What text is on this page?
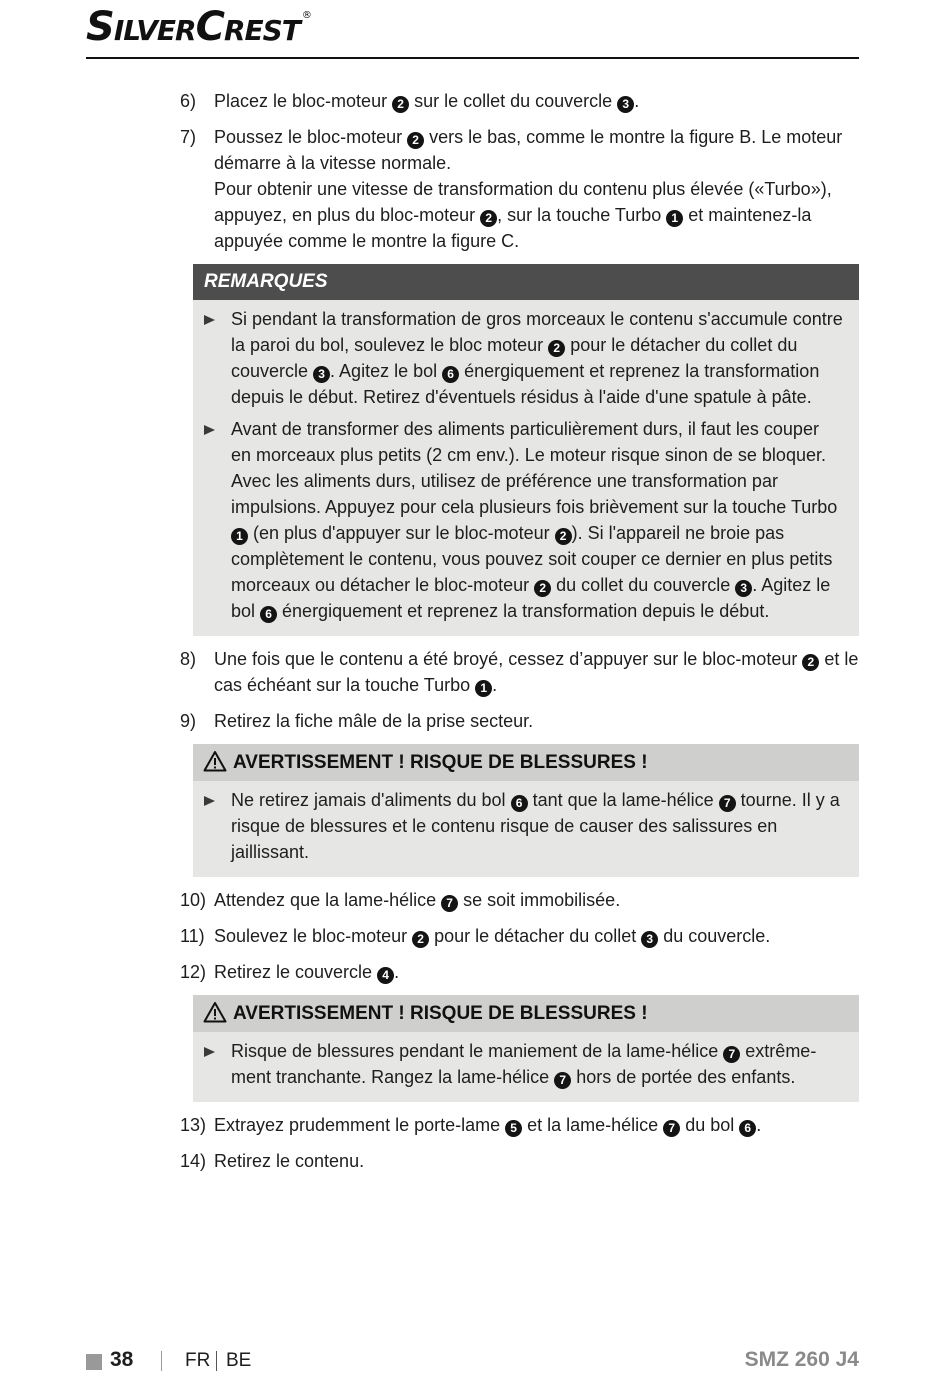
SILVERCREST ®
6) Placez le bloc-moteur 2 sur le collet du couvercle 3 .
7) Poussez le bloc-moteur 2 vers le bas, comme le montre la figure B. Le moteur démarre à la vitesse normale.
Pour obtenir une vitesse de transformation du contenu plus élevée («Turbo»), appuyez, en plus du bloc-moteur 2 , sur la touche Turbo 1 et maintenez-la appuyée comme le montre la figure C.
REMARQUES
Si pendant la transformation de gros morceaux le contenu s'accumule contre la paroi du bol, soulevez le bloc moteur 2 pour le détacher du collet du couvercle 3 . Agitez le bol 6 énergiquement et reprenez la transformation depuis le début. Retirez d'éventuels résidus à l'aide d'une spatule à pâte.
Avant de transformer des aliments particulièrement durs, il faut les couper en morceaux plus petits (2 cm env.). Le moteur risque sinon de se bloquer. Avec les aliments durs, utilisez de préférence une transformation par impulsions. Appuyez pour cela plusieurs fois brièvement sur la touche Turbo 1 (en plus d'appuyer sur le bloc-moteur 2 ). Si l'appareil ne broie pas complètement le contenu, vous pouvez soit couper ce dernier en plus petits morceaux ou détacher le bloc-moteur 2 du collet du couvercle 3 . Agitez le bol 6 énergiquement et reprenez la transformation depuis le début.
8) Une fois que le contenu a été broyé, cessez d’appuyer sur le bloc-moteur 2 et le cas échéant sur la touche Turbo 1 .
9) Retirez la fiche mâle de la prise secteur.
AVERTISSEMENT ! RISQUE DE BLESSURES !
Ne retirez jamais d'aliments du bol 6 tant que la lame-hélice 7 tourne. Il y a risque de blessures et le contenu risque de causer des salissures en jaillissant.
10) Attendez que la lame-hélice 7 se soit immobilisée.
11) Soulevez le bloc-moteur 2 pour le détacher du collet 3 du couvercle.
12) Retirez le couvercle 4 .
AVERTISSEMENT ! RISQUE DE BLESSURES !
Risque de blessures pendant le maniement de la lame-hélice 7 extrême-ment tranchante. Rangez la lame-hélice 7 hors de portée des enfants.
13) Extrayez prudemment le porte-lame 5 et la lame-hélice 7 du bol 6 .
14) Retirez le contenu.
38	FR BE	SMZ 260 J4
